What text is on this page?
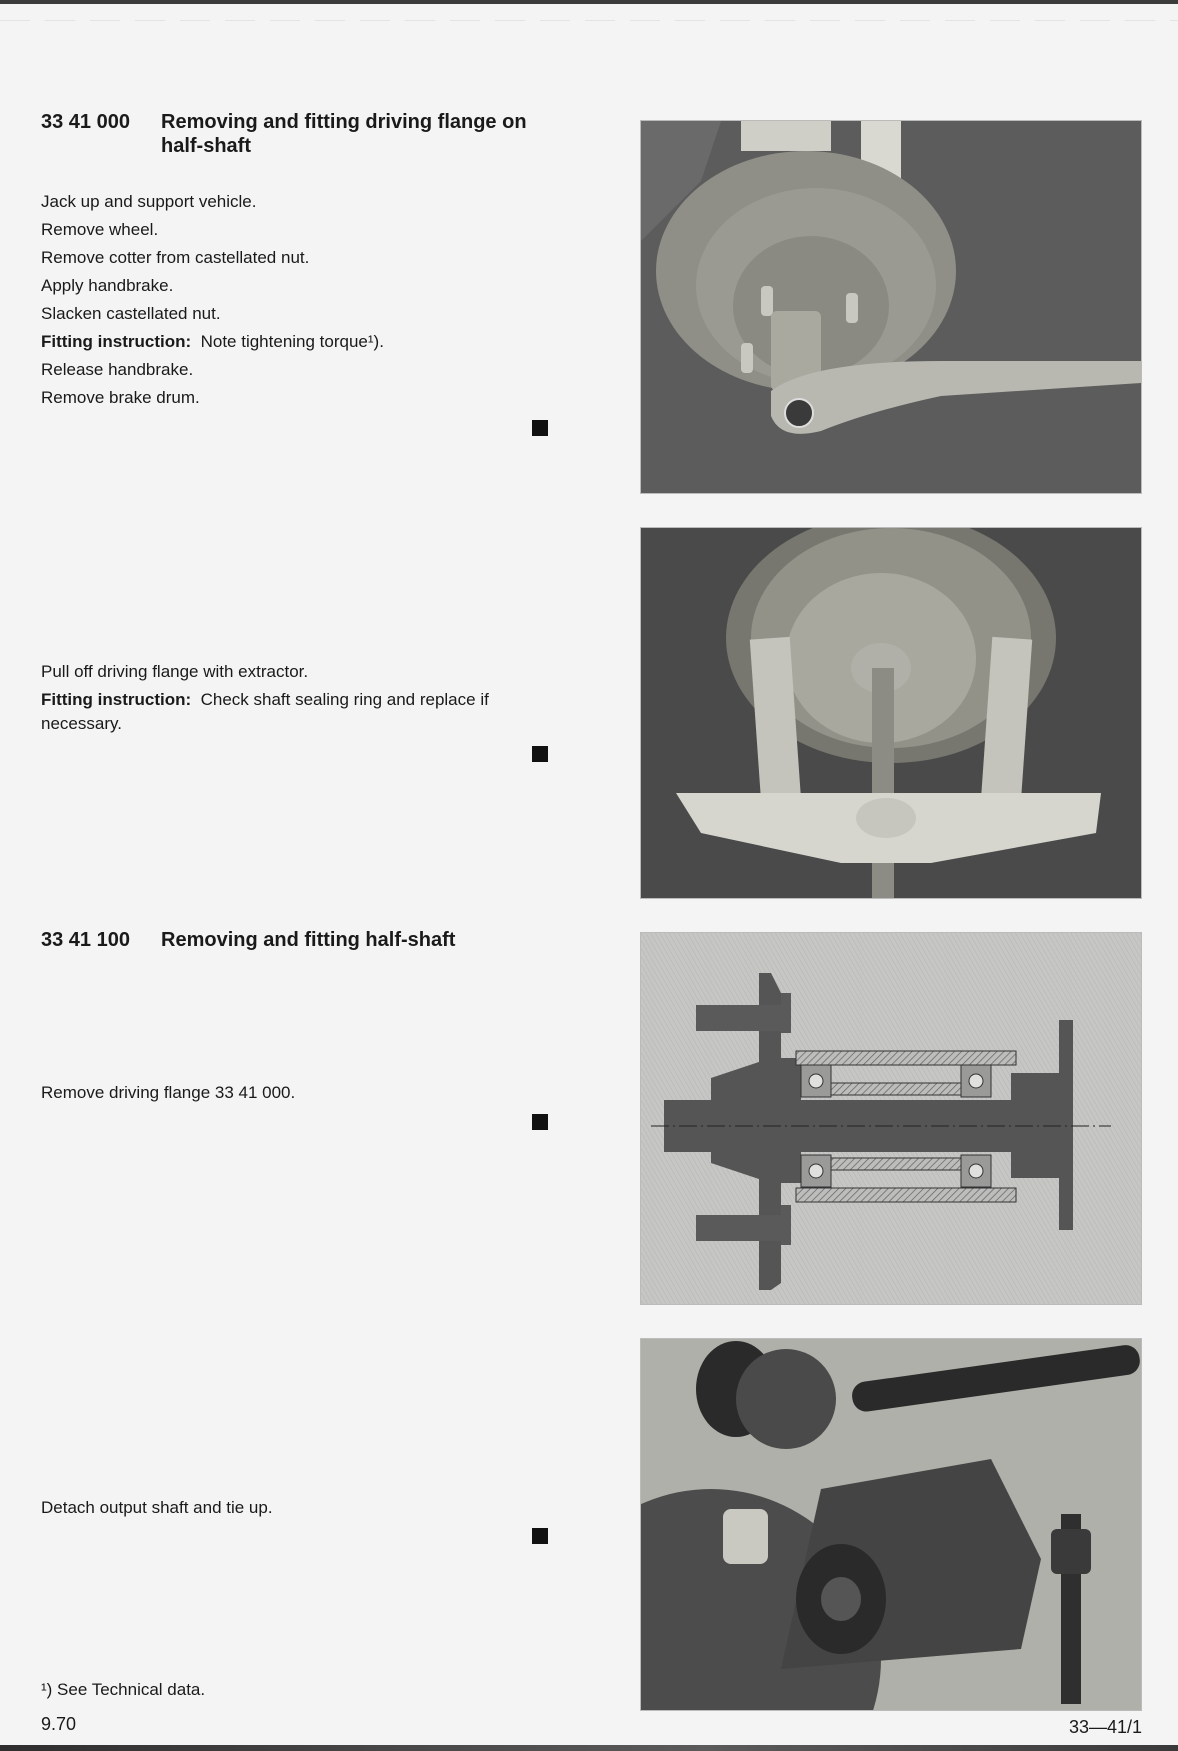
33 41 000 Removing and fitting driving flange on half-shaft

Jack up and support vehicle.

Remove wheel.

Remove cotter from castellated nut.

Apply handbrake.

Slacken castellated nut.

Fitting instruction: Note tightening torque¹).

Release handbrake.

Remove brake drum.

Pull off driving flange with extractor.

Fitting instruction: Check shaft sealing ring and replace if necessary.

33 41 100 Removing and fitting half-shaft

Remove driving flange 33 41 000.

Detach output shaft and tie up.

¹) See Technical data.
9.70	33—41/1
